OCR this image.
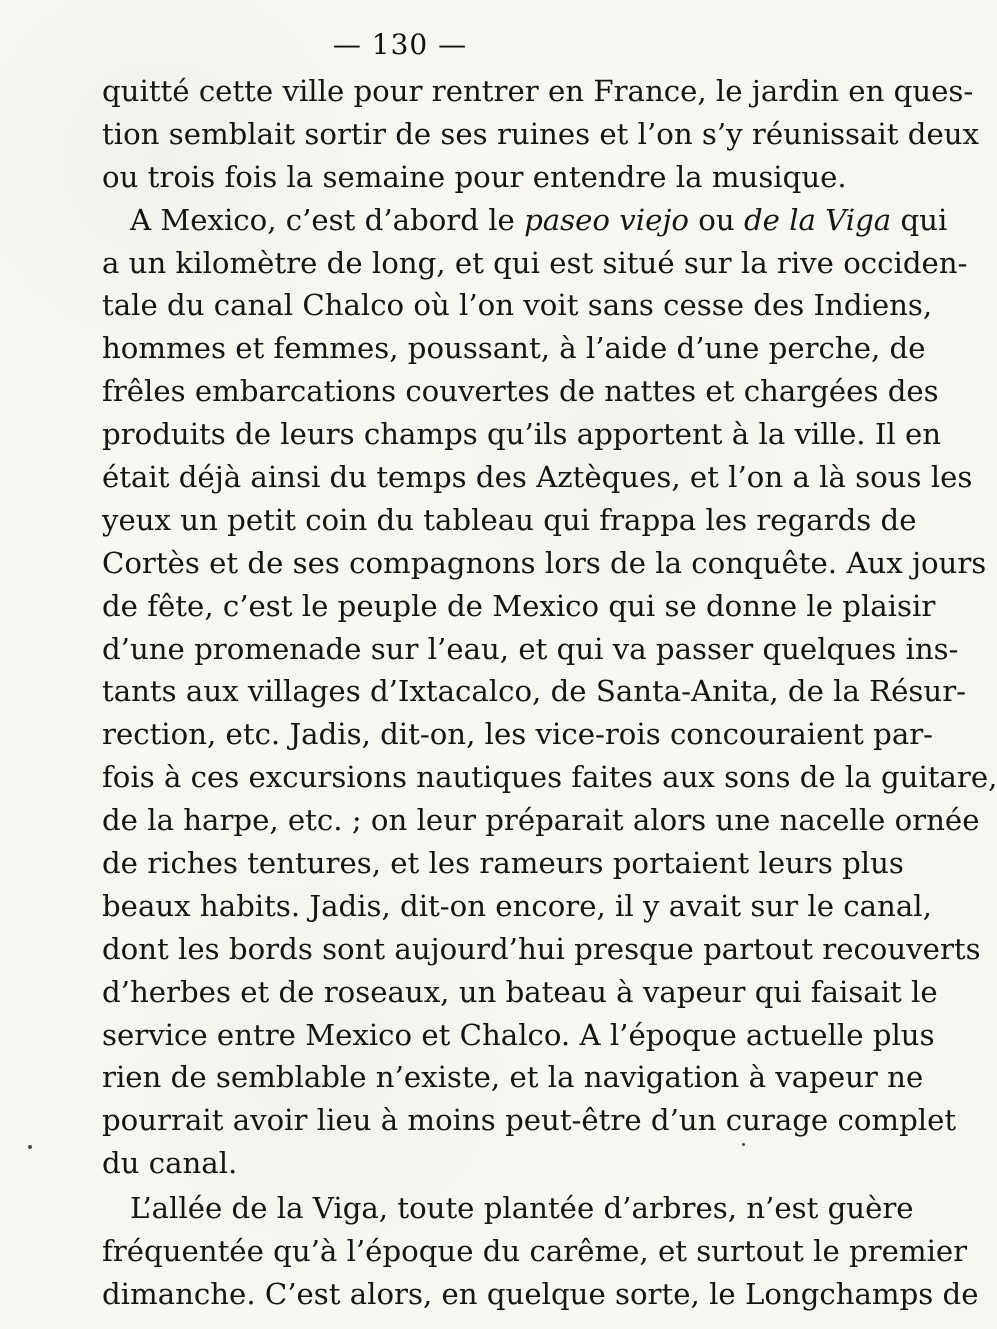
— 130 —
quitté cette ville pour rentrer en France, le jardin en ques-
tion semblait sortir de ses ruines et l’on s’y réunissait deux
ou trois fois la semaine pour entendre la musique.
A Mexico, c’est d’abord le paseo viejo ou de la Viga qui
a un kilomètre de long, et qui est situé sur la rive occiden-
tale du canal Chalco où l’on voit sans cesse des Indiens,
hommes et femmes, poussant, à l’aide d’une perche, de
frêles embarcations couvertes de nattes et chargées des
produits de leurs champs qu’ils apportent à la ville. Il en
était déjà ainsi du temps des Aztèques, et l’on a là sous les
yeux un petit coin du tableau qui frappa les regards de
Cortès et de ses compagnons lors de la conquête. Aux jours
de fête, c’est le peuple de Mexico qui se donne le plaisir
d’une promenade sur l’eau, et qui va passer quelques ins-
tants aux villages d’Ixtacalco, de Santa-Anita, de la Résur-
rection, etc. Jadis, dit-on, les vice-rois concouraient par-
fois à ces excursions nautiques faites aux sons de la guitare,
de la harpe, etc. ; on leur préparait alors une nacelle ornée
de riches tentures, et les rameurs portaient leurs plus
beaux habits. Jadis, dit-on encore, il y avait sur le canal,
dont les bords sont aujourd’hui presque partout recouverts
d’herbes et de roseaux, un bateau à vapeur qui faisait le
service entre Mexico et Chalco. A l’époque actuelle plus
rien de semblable n’existe, et la navigation à vapeur ne
pourrait avoir lieu à moins peut-être d’un curage complet
du canal.
L’allée de la Viga, toute plantée d’arbres, n’est guère
fréquentée qu’à l’époque du carême, et surtout le premier
dimanche. C’est alors, en quelque sorte, le Longchamps de
